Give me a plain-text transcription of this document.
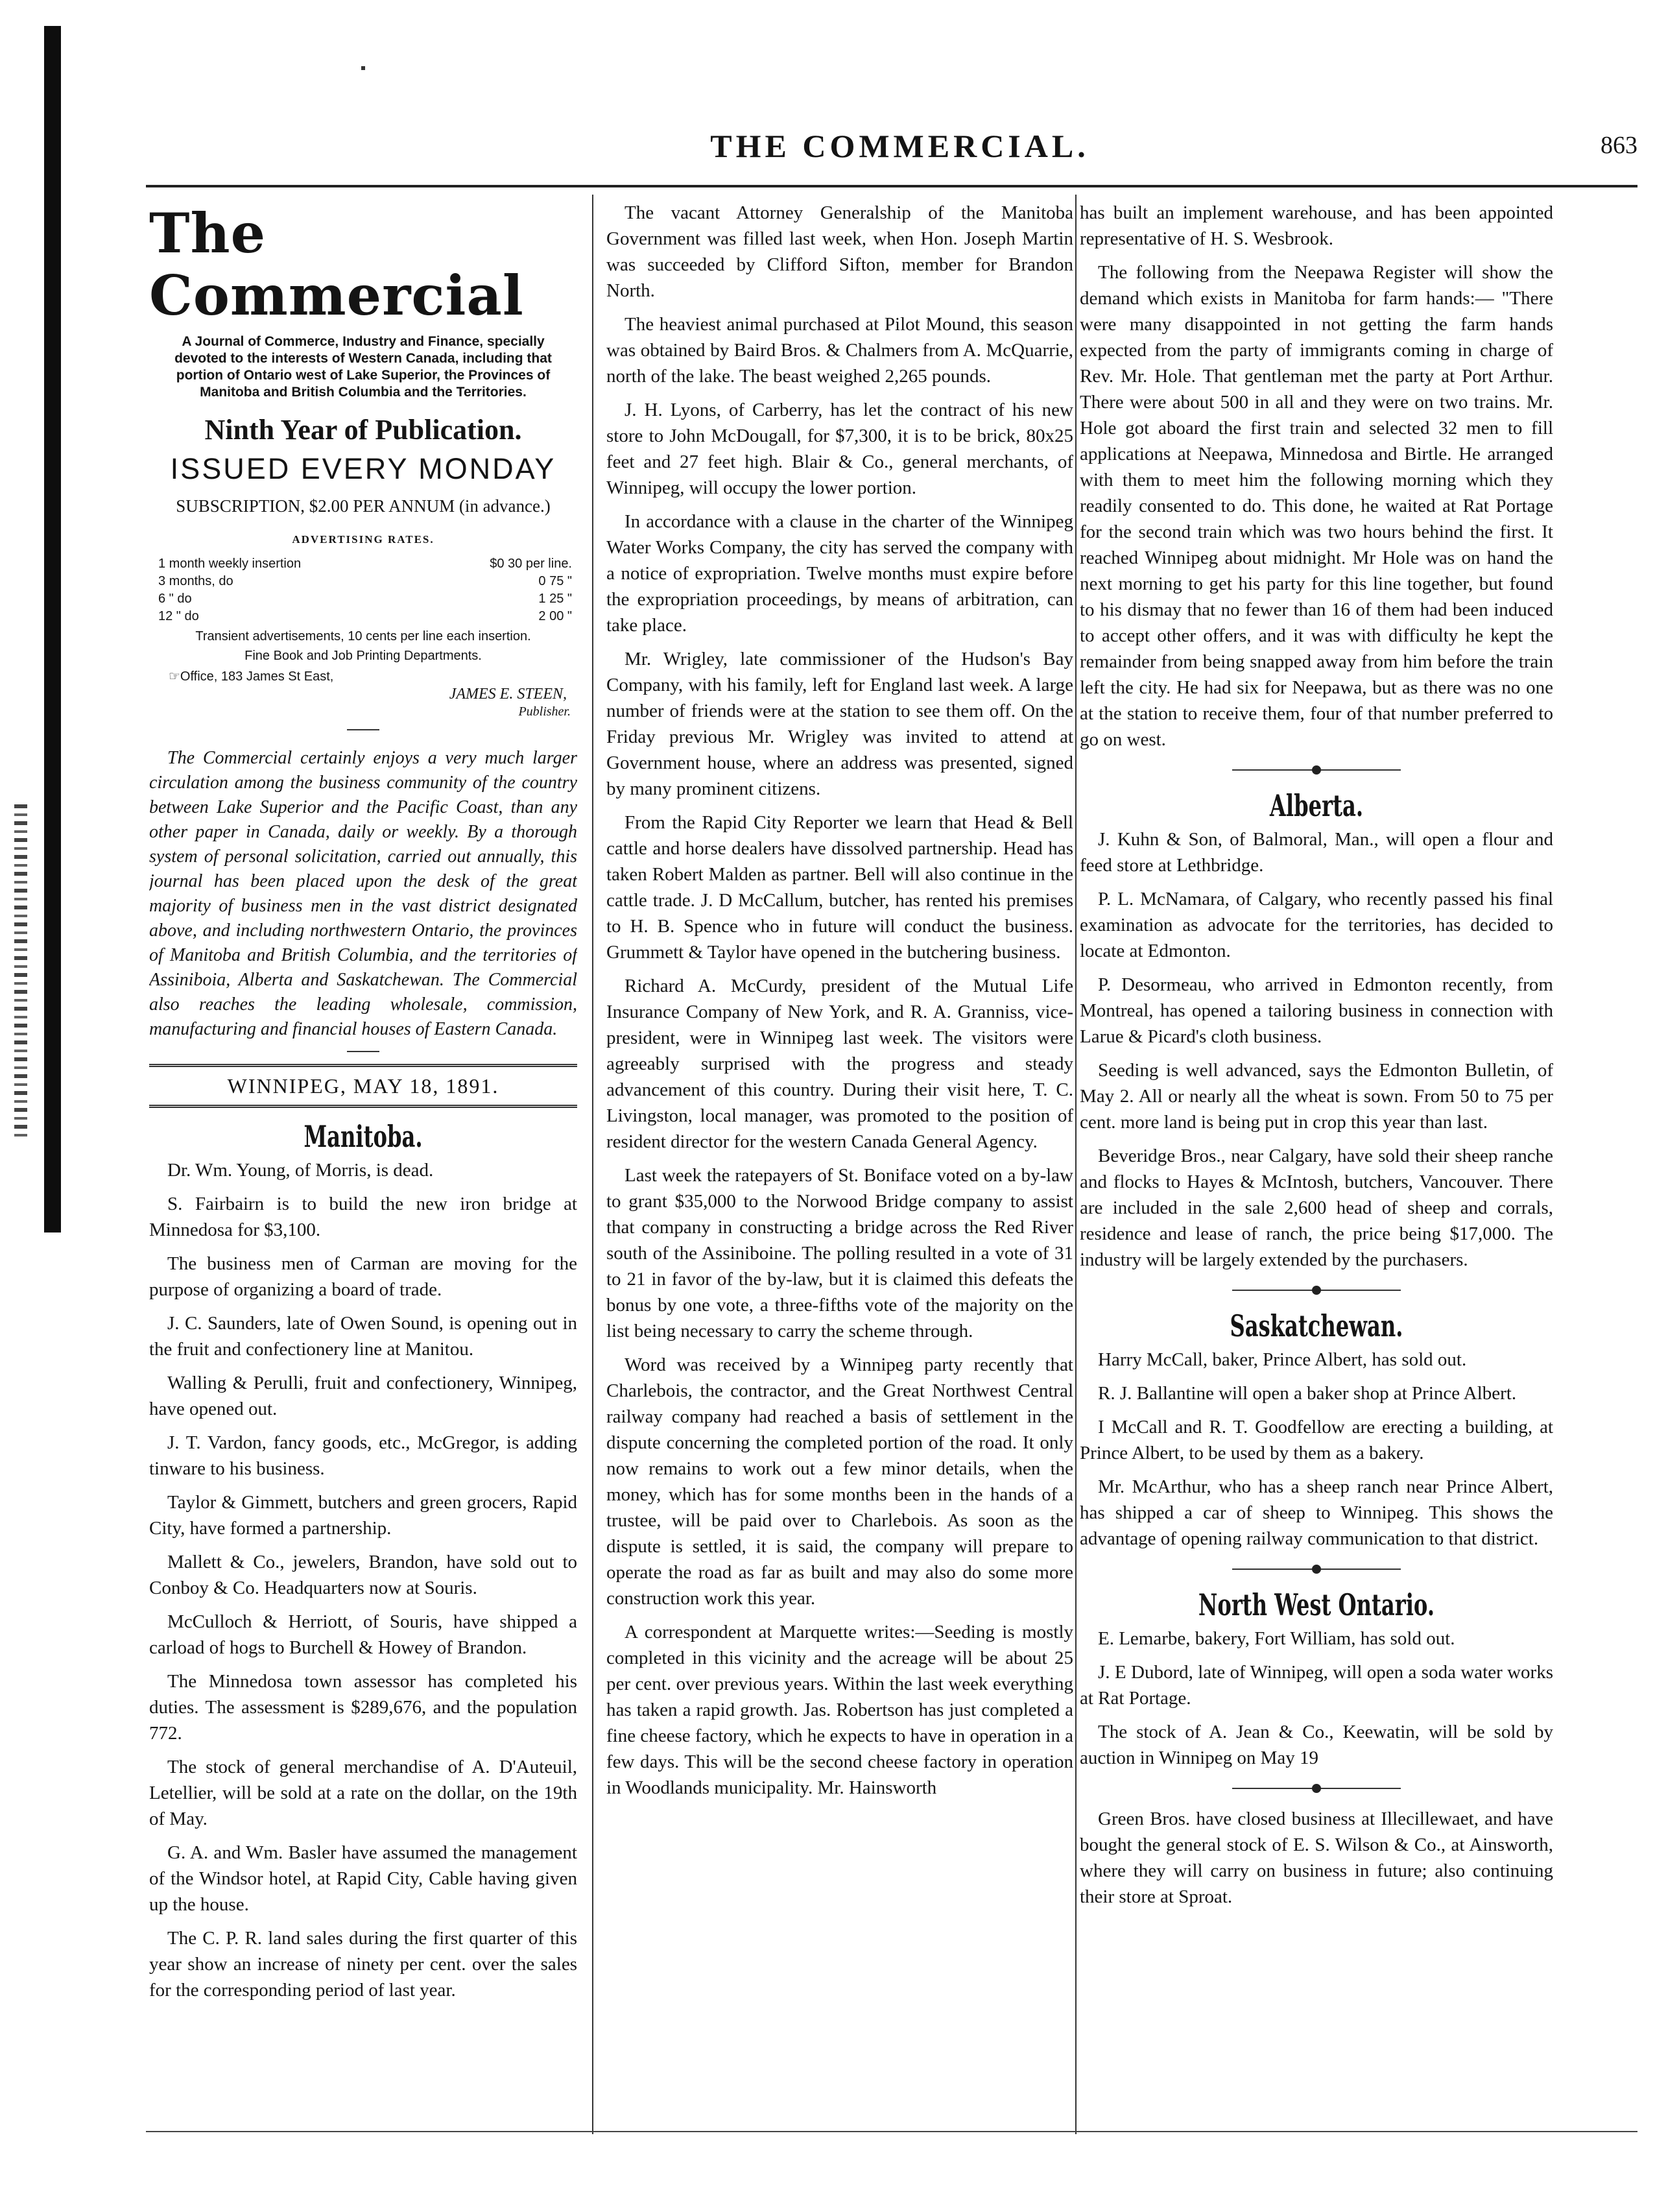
THE COMMERCIAL.	863
The Commercial
A Journal of Commerce, Industry and Finance, specially devoted to the interests of Western Canada, including that portion of Ontario west of Lake Superior, the Provinces of Manitoba and British Columbia and the Territories.
Ninth Year of Publication.
ISSUED EVERY MONDAY
SUBSCRIPTION, $2.00 PER ANNUM (in advance.)
ADVERTISING RATES.
1 month weekly insertion	$0 30 per line.
3 months, do	0 75 "
6 " do	1 25 "
12 " do	2 00 "
Transient advertisements, 10 cents per line each insertion.
Fine Book and Job Printing Departments.
☞Office, 183 James St East,
JAMES E. STEEN,
Publisher.

The Commercial certainly enjoys a very much larger circulation among the business community of the country between Lake Superior and the Pacific Coast, than any other paper in Canada, daily or weekly. By a thorough system of personal solicitation, carried out annually, this journal has been placed upon the desk of the great majority of business men in the vast district designated above, and including northwestern Ontario, the provinces of Manitoba and British Columbia, and the territories of Assiniboia, Alberta and Saskatchewan. The Commercial also reaches the leading wholesale, commission, manufacturing and financial houses of Eastern Canada.

WINNIPEG, MAY 18, 1891.
Manitoba.

Dr. Wm. Young, of Morris, is dead.

S. Fairbairn is to build the new iron bridge at Minnedosa for $3,100.

The business men of Carman are moving for the purpose of organizing a board of trade.

J. C. Saunders, late of Owen Sound, is opening out in the fruit and confectionery line at Manitou.

Walling & Perulli, fruit and confectionery, Winnipeg, have opened out.

J. T. Vardon, fancy goods, etc., McGregor, is adding tinware to his business.

Taylor & Gimmett, butchers and green grocers, Rapid City, have formed a partnership.

Mallett & Co., jewelers, Brandon, have sold out to Conboy & Co. Headquarters now at Souris.

McCulloch & Herriott, of Souris, have shipped a carload of hogs to Burchell & Howey of Brandon.

The Minnedosa town assessor has completed his duties. The assessment is $289,676, and the population 772.

The stock of general merchandise of A. D'Auteuil, Letellier, will be sold at a rate on the dollar, on the 19th of May.

G. A. and Wm. Basler have assumed the management of the Windsor hotel, at Rapid City, Cable having given up the house.

The C. P. R. land sales during the first quarter of this year show an increase of ninety per cent. over the sales for the corresponding period of last year.

The vacant Attorney Generalship of the Manitoba Government was filled last week, when Hon. Joseph Martin was succeeded by Clifford Sifton, member for Brandon North.

The heaviest animal purchased at Pilot Mound, this season was obtained by Baird Bros. & Chalmers from A. McQuarrie, north of the lake. The beast weighed 2,265 pounds.

J. H. Lyons, of Carberry, has let the contract of his new store to John McDougall, for $7,300, it is to be brick, 80x25 feet and 27 feet high. Blair & Co., general merchants, of Winnipeg, will occupy the lower portion.

In accordance with a clause in the charter of the Winnipeg Water Works Company, the city has served the company with a notice of expropriation. Twelve months must expire before the expropriation proceedings, by means of arbitration, can take place.

Mr. Wrigley, late commissioner of the Hudson's Bay Company, with his family, left for England last week. A large number of friends were at the station to see them off. On the Friday previous Mr. Wrigley was invited to attend at Government house, where an address was presented, signed by many prominent citizens.

From the Rapid City Reporter we learn that Head & Bell cattle and horse dealers have dissolved partnership. Head has taken Robert Malden as partner. Bell will also continue in the cattle trade. J. D McCallum, butcher, has rented his premises to H. B. Spence who in future will conduct the business. Grummett & Taylor have opened in the butchering business.

Richard A. McCurdy, president of the Mutual Life Insurance Company of New York, and R. A. Granniss, vice-president, were in Winnipeg last week. The visitors were agreeably surprised with the progress and steady advancement of this country. During their visit here, T. C. Livingston, local manager, was promoted to the position of resident director for the western Canada General Agency.

Last week the ratepayers of St. Boniface voted on a by-law to grant $35,000 to the Norwood Bridge company to assist that company in constructing a bridge across the Red River south of the Assiniboine. The polling resulted in a vote of 31 to 21 in favor of the by-law, but it is claimed this defeats the bonus by one vote, a three-fifths vote of the majority on the list being necessary to carry the scheme through.

Word was received by a Winnipeg party recently that Charlebois, the contractor, and the Great Northwest Central railway company had reached a basis of settlement in the dispute concerning the completed portion of the road. It only now remains to work out a few minor details, when the money, which has for some months been in the hands of a trustee, will be paid over to Charlebois. As soon as the dispute is settled, it is said, the company will prepare to operate the road as far as built and may also do some more construction work this year.

A correspondent at Marquette writes:—Seeding is mostly completed in this vicinity and the acreage will be about 25 per cent. over previous years. Within the last week everything has taken a rapid growth. Jas. Robertson has just completed a fine cheese factory, which he expects to have in operation in a few days. This will be the second cheese factory in operation in Woodlands municipality. Mr. Hainsworth

has built an implement warehouse, and has been appointed representative of H. S. Wesbrook.

The following from the Neepawa Register will show the demand which exists in Manitoba for farm hands:— "There were many disappointed in not getting the farm hands expected from the party of immigrants coming in charge of Rev. Mr. Hole. That gentleman met the party at Port Arthur. There were about 500 in all and they were on two trains. Mr. Hole got aboard the first train and selected 32 men to fill applications at Neepawa, Minnedosa and Birtle. He arranged with them to meet him the following morning which they readily consented to do. This done, he waited at Rat Portage for the second train which was two hours behind the first. It reached Winnipeg about midnight. Mr Hole was on hand the next morning to get his party for this line together, but found to his dismay that no fewer than 16 of them had been induced to accept other offers, and it was with difficulty he kept the remainder from being snapped away from him before the train left the city. He had six for Neepawa, but as there was no one at the station to receive them, four of that number preferred to go on west.

Alberta.

J. Kuhn & Son, of Balmoral, Man., will open a flour and feed store at Lethbridge.

P. L. McNamara, of Calgary, who recently passed his final examination as advocate for the territories, has decided to locate at Edmonton.

P. Desormeau, who arrived in Edmonton recently, from Montreal, has opened a tailoring business in connection with Larue & Picard's cloth business.

Seeding is well advanced, says the Edmonton Bulletin, of May 2. All or nearly all the wheat is sown. From 50 to 75 per cent. more land is being put in crop this year than last.

Beveridge Bros., near Calgary, have sold their sheep ranche and flocks to Hayes & McIntosh, butchers, Vancouver. There are included in the sale 2,600 head of sheep and corrals, residence and lease of ranch, the price being $17,000. The industry will be largely extended by the purchasers.

Saskatchewan.

Harry McCall, baker, Prince Albert, has sold out.

R. J. Ballantine will open a baker shop at Prince Albert.

I McCall and R. T. Goodfellow are erecting a building, at Prince Albert, to be used by them as a bakery.

Mr. McArthur, who has a sheep ranch near Prince Albert, has shipped a car of sheep to Winnipeg. This shows the advantage of opening railway communication to that district.

North West Ontario.

E. Lemarbe, bakery, Fort William, has sold out.

J. E Dubord, late of Winnipeg, will open a soda water works at Rat Portage.

The stock of A. Jean & Co., Keewatin, will be sold by auction in Winnipeg on May 19

Green Bros. have closed business at Illecillewaet, and have bought the general stock of E. S. Wilson & Co., at Ainsworth, where they will carry on business in future; also continuing their store at Sproat.
